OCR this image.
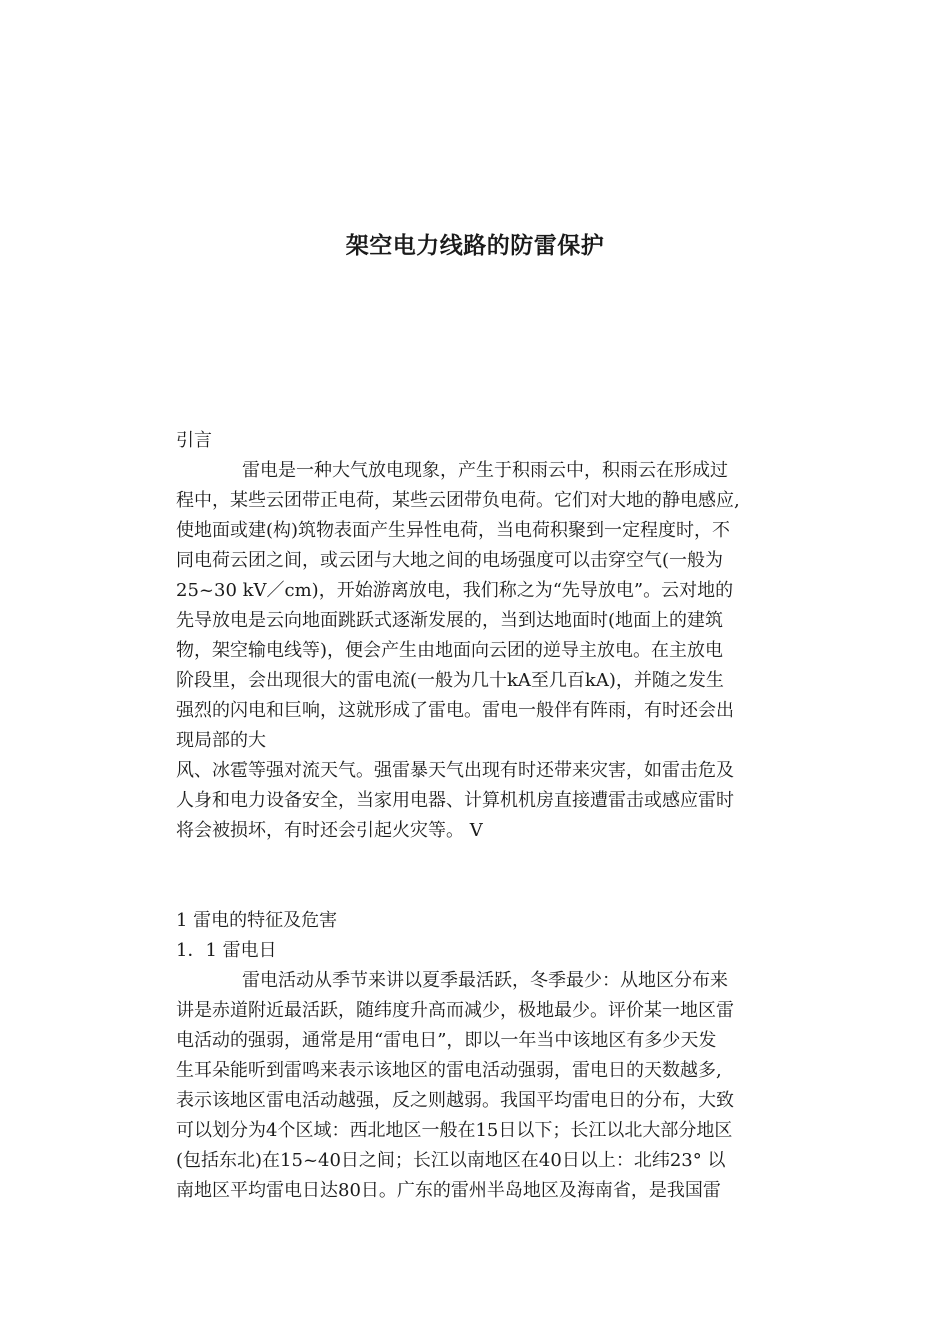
架空电力线路的防雷保护
引言
雷电是一种大气放电现象，产生于积雨云中，积雨云在形成过
程中，某些云团带正电荷，某些云团带负电荷。它们对大地的静电感应,
使地面或建(构)筑物表面产生异性电荷，当电荷积聚到一定程度时，不
同电荷云团之间，或云团与大地之间的电场强度可以击穿空气(一般为
25~30 kV／cm)，开始游离放电，我们称之为“先导放电”。云对地的
先导放电是云向地面跳跃式逐渐发展的，当到达地面时(地面上的建筑
物，架空输电线等)，便会产生由地面向云团的逆导主放电。在主放电
阶段里，会出现很大的雷电流(一般为几十kA至几百kA)，并随之发生
强烈的闪电和巨响，这就形成了雷电。雷电一般伴有阵雨，有时还会出
现局部的大
风、冰雹等强对流天气。强雷暴天气出现有时还带来灾害，如雷击危及
人身和电力设备安全，当家用电器、计算机机房直接遭雷击或感应雷时
将会被损坏，有时还会引起火灾等。 V
1 雷电的特征及危害
1．1 雷电日
雷电活动从季节来讲以夏季最活跃，冬季最少：从地区分布来
讲是赤道附近最活跃，随纬度升高而减少，极地最少。评价某一地区雷
电活动的强弱，通常是用“雷电日”，即以一年当中该地区有多少天发
生耳朵能听到雷鸣来表示该地区的雷电活动强弱，雷电日的天数越多,
表示该地区雷电活动越强，反之则越弱。我国平均雷电日的分布，大致
可以划分为4个区域：西北地区一般在15日以下；长江以北大部分地区
(包括东北)在15~40日之间；长江以南地区在40日以上：北纬23° 以
南地区平均雷电日达80日。广东的雷州半岛地区及海南省，是我国雷
